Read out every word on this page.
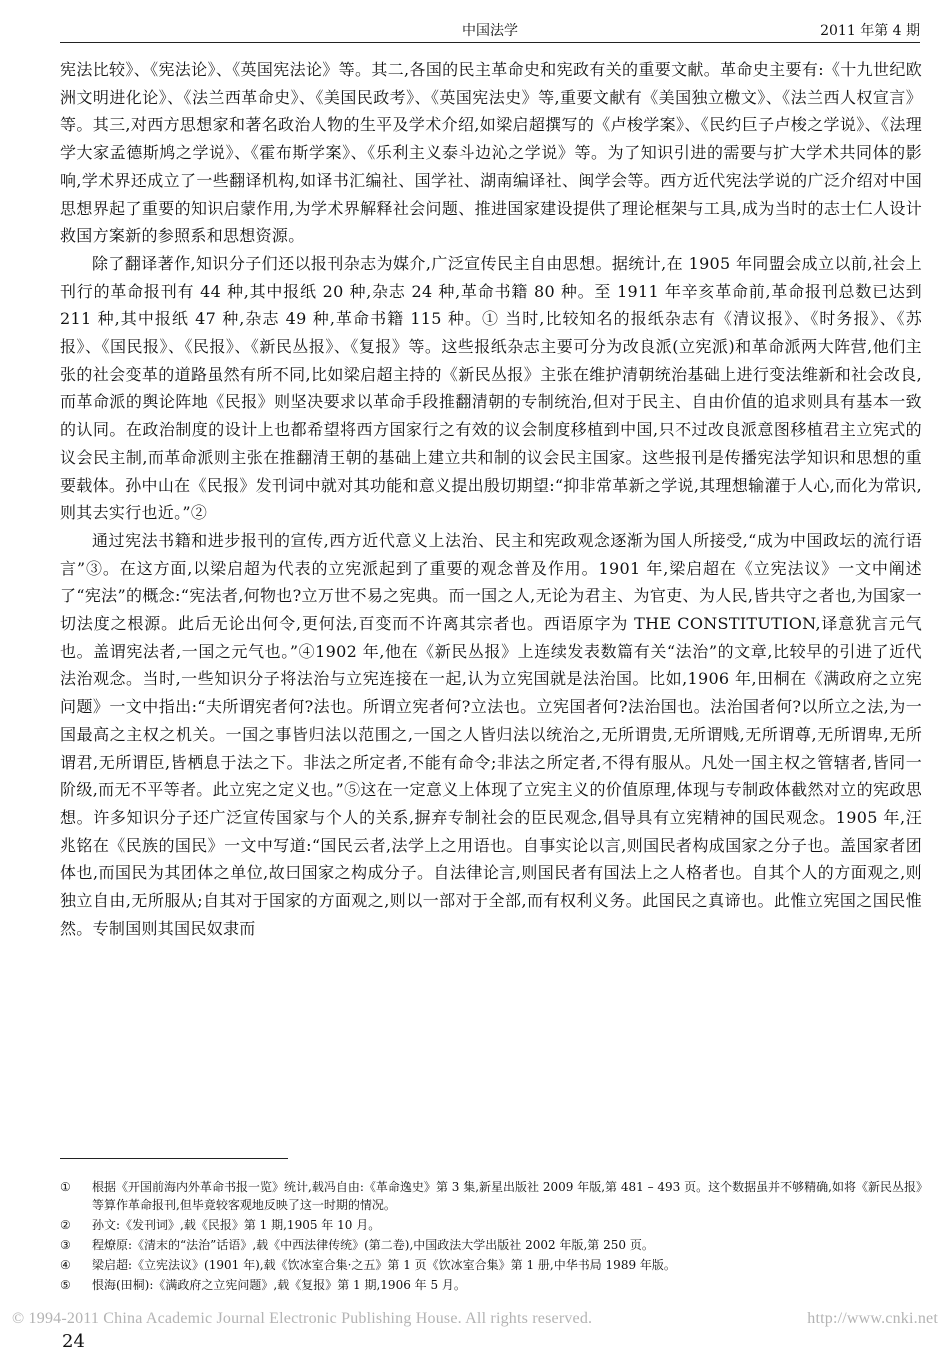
中国法学	2011 年第 4 期

宪法比较》、《宪法论》、《英国宪法论》等。其二,各国的民主革命史和宪政有关的重要文献。革命史主要有:《十九世纪欧洲文明进化论》、《法兰西革命史》、《美国民政考》、《英国宪法史》等,重要文献有《美国独立檄文》、《法兰西人权宣言》等。其三,对西方思想家和著名政治人物的生平及学术介绍,如梁启超撰写的《卢梭学案》、《民约巨子卢梭之学说》、《法理学大家孟德斯鸠之学说》、《霍布斯学案》、《乐利主义泰斗边沁之学说》等。为了知识引进的需要与扩大学术共同体的影响,学术界还成立了一些翻译机构,如译书汇编社、国学社、湖南编译社、闽学会等。西方近代宪法学说的广泛介绍对中国思想界起了重要的知识启蒙作用,为学术界解释社会问题、推进国家建设提供了理论框架与工具,成为当时的志士仁人设计救国方案新的参照系和思想资源。

除了翻译著作,知识分子们还以报刊杂志为媒介,广泛宣传民主自由思想。据统计,在 1905 年同盟会成立以前,社会上刊行的革命报刊有 44 种,其中报纸 20 种,杂志 24 种,革命书籍 80 种。至 1911 年辛亥革命前,革命报刊总数已达到 211 种,其中报纸 47 种,杂志 49 种,革命书籍 115 种。① 当时,比较知名的报纸杂志有《清议报》、《时务报》、《苏报》、《国民报》、《民报》、《新民丛报》、《复报》等。这些报纸杂志主要可分为改良派(立宪派)和革命派两大阵营,他们主张的社会变革的道路虽然有所不同,比如梁启超主持的《新民丛报》主张在维护清朝统治基础上进行变法维新和社会改良,而革命派的舆论阵地《民报》则坚决要求以革命手段推翻清朝的专制统治,但对于民主、自由价值的追求则具有基本一致的认同。在政治制度的设计上也都希望将西方国家行之有效的议会制度移植到中国,只不过改良派意图移植君主立宪式的议会民主制,而革命派则主张在推翻清王朝的基础上建立共和制的议会民主国家。这些报刊是传播宪法学知识和思想的重要载体。孙中山在《民报》发刊词中就对其功能和意义提出殷切期望:“抑非常革新之学说,其理想输灌于人心,而化为常识,则其去实行也近。”②

通过宪法书籍和进步报刊的宣传,西方近代意义上法治、民主和宪政观念逐渐为国人所接受,“成为中国政坛的流行语言”③。在这方面,以梁启超为代表的立宪派起到了重要的观念普及作用。1901 年,梁启超在《立宪法议》一文中阐述了“宪法”的概念:“宪法者,何物也?立万世不易之宪典。而一国之人,无论为君主、为官吏、为人民,皆共守之者也,为国家一切法度之根源。此后无论出何令,更何法,百变而不许离其宗者也。西语原字为 THE CONSTITUTION,译意犹言元气也。盖谓宪法者,一国之元气也。”④1902 年,他在《新民丛报》上连续发表数篇有关“法治”的文章,比较早的引进了近代法治观念。当时,一些知识分子将法治与立宪连接在一起,认为立宪国就是法治国。比如,1906 年,田桐在《满政府之立宪问题》一文中指出:“夫所谓宪者何?法也。所谓立宪者何?立法也。立宪国者何?法治国也。法治国者何?以所立之法,为一国最高之主权之机关。一国之事皆归法以范围之,一国之人皆归法以统治之,无所谓贵,无所谓贱,无所谓尊,无所谓卑,无所谓君,无所谓臣,皆栖息于法之下。非法之所定者,不能有命令;非法之所定者,不得有服从。凡处一国主权之管辖者,皆同一阶级,而无不平等者。此立宪之定义也。”⑤这在一定意义上体现了立宪主义的价值原理,体现与专制政体截然对立的宪政思想。许多知识分子还广泛宣传国家与个人的关系,摒弃专制社会的臣民观念,倡导具有立宪精神的国民观念。1905 年,汪兆铭在《民族的国民》一文中写道:“国民云者,法学上之用语也。自事实论以言,则国民者构成国家之分子也。盖国家者团体也,而国民为其团体之单位,故曰国家之构成分子。自法律论言,则国民者有国法上之人格者也。自其个人的方面观之,则独立自由,无所服从;自其对于国家的方面观之,则以一部对于全部,而有权利义务。此国民之真谛也。此惟立宪国之国民惟然。专制国则其国民奴隶而

①	根据《开国前海内外革命书报一览》统计,载冯自由:《革命逸史》第 3 集,新星出版社 2009 年版,第 481 – 493 页。这个数据虽并不够精确,如将《新民丛报》等算作革命报刊,但毕竟较客观地反映了这一时期的情况。
②	孙文:《发刊词》,载《民报》第 1 期,1905 年 10 月。
③	程燎原:《清末的“法治”话语》,载《中西法律传统》(第二卷),中国政法大学出版社 2002 年版,第 250 页。
④	梁启超:《立宪法议》(1901 年),载《饮冰室合集·之五》第 1 页《饮冰室合集》第 1 册,中华书局 1989 年版。
⑤	恨海(田桐):《满政府之立宪问题》,载《复报》第 1 期,1906 年 5 月。
© 1994-2011 China Academic Journal Electronic Publishing House. All rights reserved.	http://www.cnki.net
24
